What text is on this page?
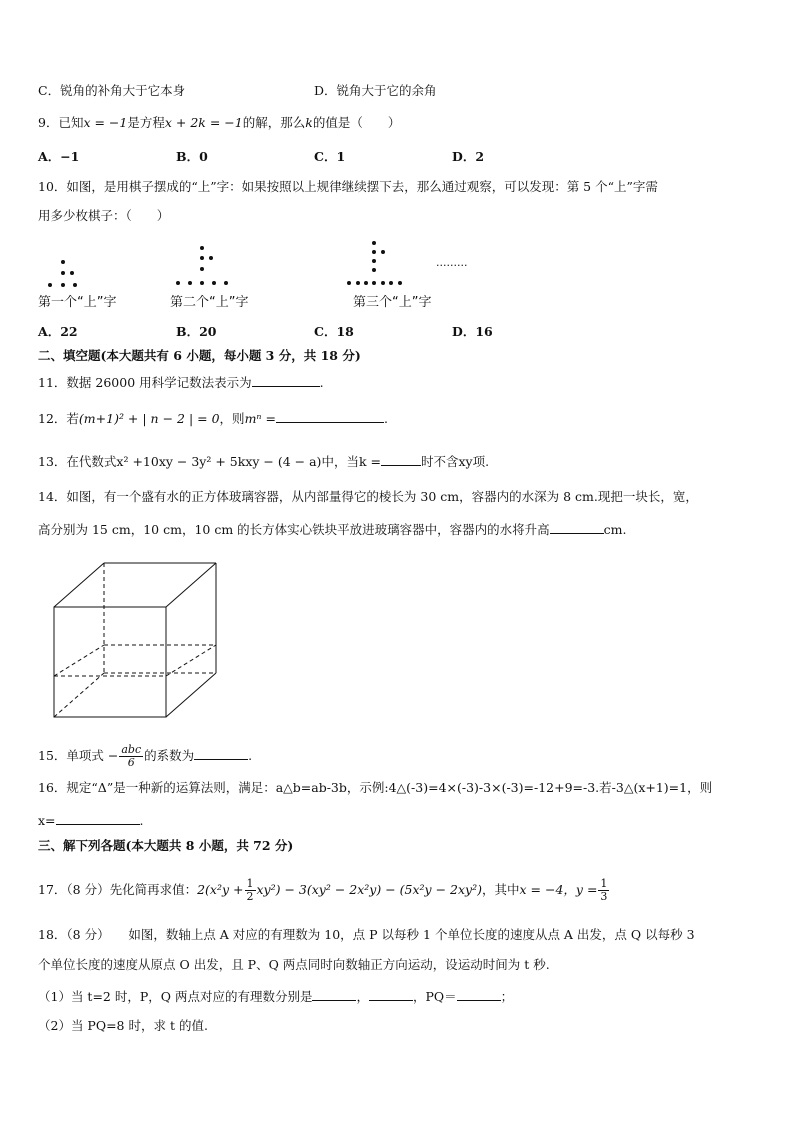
C．锐角的补角大于它本身	D．锐角大于它的余角
9．已知x = −1是方程x + 2k = −1的解，那么k的值是（　　）
A．−1	B．0	C．1	D．2
10．如图，是用棋子摆成的“上”字：如果按照以上规律继续摆下去，那么通过观察，可以发现：第 5 个“上”字需
用多少枚棋子：（　　）
·········
第一个“上”字	第二个“上”字	第三个“上”字
A．22	B．20	C．18	D．16
二、填空题(本大题共有 6 小题，每小题 3 分，共 18 分)
11．数据 26000 用科学记数法表示为	.
12．若(m+1)² + | n − 2 | = 0，则mⁿ =	.
13．在代数式x² +10xy − 3y² + 5kxy − (4 − a)中，当k =	时不含xy项.
14．如图，有一个盛有水的正方体玻璃容器，从内部量得它的棱长为 30 cm，容器内的水深为 8 cm.现把一块长，宽，
高分别为 15 cm，10 cm，10 cm 的长方体实心铁块平放进玻璃容器中，容器内的水将升高	cm.
15．单项式 − $\frac{\text{abc}}{6}$ 的系数为	.
16．规定“Δ”是一种新的运算法则，满足：a△b=ab-3b，示例:4△(-3)=4×(-3)-3×(-3)=-12+9=-3.若-3△(x+1)=1，则
x=	.
三、解下列各题(本大题共 8 小题，共 72 分)
17．（8 分）先化简再求值：$2(x^2y + \frac{1}{2} xy^2) - 3(xy^2 - 2x^2y) - (5x^2y - 2xy^2)$，其中x = −4，$y = \frac{1}{3}$
18．（8 分）　　如图，数轴上点 A 对应的有理数为 10，点 P 以每秒 1 个单位长度的速度从点 A 出发，点 Q 以每秒 3
个单位长度的速度从原点 O 出发，且 P、Q 两点同时向数轴正方向运动，设运动时间为 t 秒.
（1）当 t=2 时，P，Q 两点对应的有理数分别是	，	，PQ＝	；
（2）当 PQ=8 时，求 t 的值.
